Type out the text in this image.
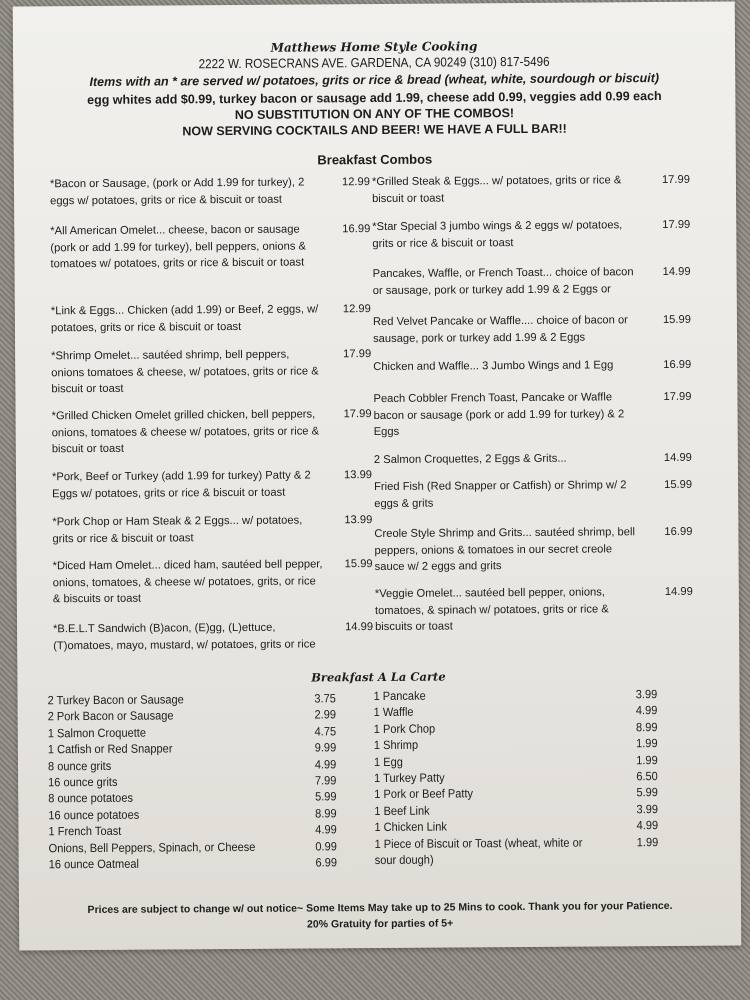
Matthews Home Style Cooking
2222 W. ROSECRANS AVE. GARDENA, CA 90249 (310) 817-5496
Items with an * are served w/ potatoes, grits or rice & bread (wheat, white, sourdough or biscuit)
egg whites add $0.99, turkey bacon or sausage add 1.99, cheese add 0.99, veggies add 0.99 each
NO SUBSTITUTION ON ANY OF THE COMBOS!
NOW SERVING COCKTAILS AND BEER! WE HAVE A FULL BAR!!
Breakfast Combos
*Bacon or Sausage, (pork or Add 1.99 for turkey), 2 eggs w/ potatoes, grits or rice & biscuit or toast
12.99
*All American Omelet... cheese, bacon or sausage (pork or add 1.99 for turkey), bell peppers, onions & tomatoes w/ potatoes, grits or rice & biscuit or toast
16.99
*Link & Eggs... Chicken (add 1.99) or Beef, 2 eggs, w/ potatoes, grits or rice & biscuit or toast
12.99
*Shrimp Omelet... sautéed shrimp, bell peppers, onions tomatoes & cheese, w/ potatoes, grits or rice & biscuit or toast
17.99
*Grilled Chicken Omelet grilled chicken, bell peppers, onions, tomatoes & cheese w/ potatoes, grits or rice & biscuit or toast
17.99
*Pork, Beef or Turkey (add 1.99 for turkey) Patty & 2 Eggs w/ potatoes, grits or rice & biscuit or toast
13.99
*Pork Chop or Ham Steak & 2 Eggs... w/ potatoes, grits or rice & biscuit or toast
13.99
*Diced Ham Omelet... diced ham, sautéed bell pepper, onions, tomatoes, & cheese w/ potatoes, grits, or rice & biscuits or toast
15.99
*B.E.L.T Sandwich (B)acon, (E)gg, (L)ettuce, (T)omatoes, mayo, mustard, w/ potatoes, grits or rice
14.99
*Grilled Steak & Eggs... w/ potatoes, grits or rice & biscuit or toast
17.99
*Star Special 3 jumbo wings & 2 eggs w/ potatoes, grits or rice & biscuit or toast
17.99
Pancakes, Waffle, or French Toast... choice of bacon or sausage, pork or turkey add 1.99 & 2 Eggs or
14.99
Red Velvet Pancake or Waffle.... choice of bacon or sausage, pork or turkey add 1.99 & 2 Eggs
15.99
Chicken and Waffle... 3 Jumbo Wings and 1 Egg	16.99
Peach Cobbler French Toast, Pancake or Waffle bacon or sausage (pork or add 1.99 for turkey) & 2 Eggs
17.99
2 Salmon Croquettes, 2 Eggs & Grits...	14.99
Fried Fish (Red Snapper or Catfish) or Shrimp w/ 2 eggs & grits
15.99
Creole Style Shrimp and Grits... sautéed shrimp, bell peppers, onions & tomatoes in our secret creole sauce w/ 2 eggs and grits
16.99
*Veggie Omelet... sautéed bell pepper, onions, tomatoes, & spinach w/ potatoes, grits or rice & biscuits or toast
14.99
Breakfast A La Carte
2 Turkey Bacon or Sausage	3.75
2 Pork Bacon or Sausage	2.99
1 Salmon Croquette	4.75
1 Catfish or Red Snapper	9.99
8 ounce grits	4.99
16 ounce grits	7.99
8 ounce potatoes	5.99
16 ounce potatoes	8.99
1 French Toast	4.99
Onions, Bell Peppers, Spinach, or Cheese	0.99
16 ounce Oatmeal	6.99
1 Pancake	3.99
1 Waffle	4.99
1 Pork Chop	8.99
1 Shrimp	1.99
1 Egg	1.99
1 Turkey Patty	6.50
1 Pork or Beef Patty	5.99
1 Beef Link	3.99
1 Chicken Link	4.99
1 Piece of Biscuit or Toast (wheat, white or sour dough)
1.99
Prices are subject to change w/ out notice~ Some Items May take up to 25 Mins to cook. Thank you for your Patience.
20% Gratuity for parties of 5+
